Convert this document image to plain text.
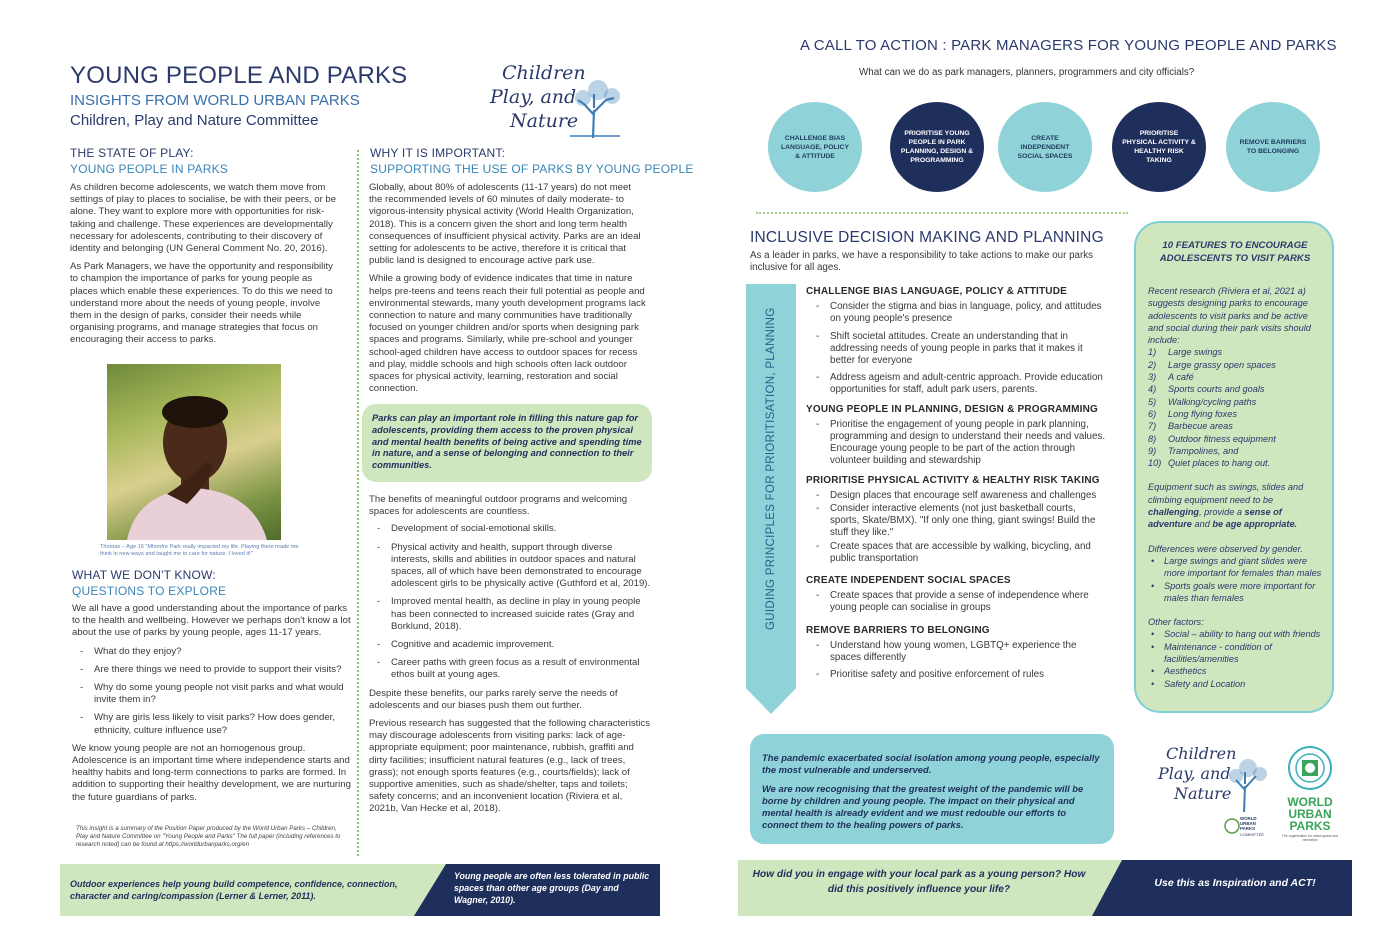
YOUNG PEOPLE AND PARKS
INSIGHTS FROM WORLD URBAN PARKS
Children, Play and Nature Committee
Children
Play, and
Nature
THE STATE OF PLAY:
YOUNG PEOPLE IN PARKS

As children become adolescents, we watch them move from settings of play to places to socialise, be with their peers, or be alone. They want to explore more with opportunities for risk-taking and challenge. These experiences are developmentally necessary for adolescents, contributing to their discovery of identity and belonging (UN General Comment No. 20, 2016).

As Park Managers, we have the opportunity and responsibility to champion the importance of parks for young people as places which enable these experiences. To do this we need to understand more about the needs of young people, involve them in the design of parks, consider their needs while organising programs, and manage strategies that focus on encouraging their access to parks.

Thomas – Age 16 "Mhonfre Park really impacted my life. Playing there made me think in new ways and taught me to care for nature. I loved it!"
WHAT WE DON'T KNOW:
QUESTIONS TO EXPLORE

We all have a good understanding about the importance of parks to the health and wellbeing. However we perhaps don't know a lot about the use of parks by young people, ages 11-17 years.

- What do they enjoy?
- Are there things we need to provide to support their visits?
- Why do some young people not visit parks and what would invite them in?
- Why are girls less likely to visit parks? How does gender, ethnicity, culture influence use?

We know young people are not an homogenous group. Adolescence is an important time where independence starts and healthy habits and long-term connections to parks are formed. In addition to supporting their healthy development, we are nurturing the future guardians of parks.

This insight is a summary of the Position Paper produced by the World Urban Parks – Children, Play and Nature Committee on "Young People and Parks" The full paper (including references to research noted) can be found at https://worldurbanparks.org/en
WHY IT IS IMPORTANT:
SUPPORTING THE USE OF PARKS BY YOUNG PEOPLE

Globally, about 80% of adolescents (11-17 years) do not meet the recommended levels of 60 minutes of daily moderate- to vigorous-intensity physical activity (World Health Organization, 2018). This is a concern given the short and long term health consequences of insufficient physical activity. Parks are an ideal setting for adolescents to be active, therefore it is critical that public land is designed to encourage active park use.

While a growing body of evidence indicates that time in nature helps pre-teens and teens reach their full potential as people and environmental stewards, many youth development programs lack connection to nature and many communities have traditionally focused on younger children and/or sports when designing park spaces and programs. Similarly, while pre-school and younger school-aged children have access to outdoor spaces for recess and play, middle schools and high schools often lack outdoor spaces for physical activity, learning, restoration and social connection.

Parks can play an important role in filling this nature gap for adolescents, providing them access to the proven physical and mental health benefits of being active and spending time in nature, and a sense of belonging and connection to their communities.

The benefits of meaningful outdoor programs and welcoming spaces for adolescents are countless.

- Development of social-emotional skills.
- Physical activity and health, support through diverse interests, skills and abilities in outdoor spaces and natural spaces, all of which have been demonstrated to encourage adolescent girls to be physically active (Guthford et al, 2019).
- Improved mental health, as decline in play in young people has been connected to increased suicide rates (Gray and Borklund, 2018).
- Cognitive and academic improvement.
- Career paths with green focus as a result of environmental ethos built at young ages.

Despite these benefits, our parks rarely serve the needs of adolescents and our biases push them out further.

Previous research has suggested that the following characteristics may discourage adolescents from visiting parks: lack of age-appropriate equipment; poor maintenance, rubbish, graffiti and dirty facilities; insufficient natural features (e.g., lack of trees, grass); not enough sports features (e.g., courts/fields); lack of supportive amenities, such as shade/shelter, taps and toilets; safety concerns; and an inconvenient location (Riviera et al, 2021b, Van Hecke et al, 2018).

Outdoor experiences help young build competence, confidence, connection, character and caring/compassion (Lerner & Lerner, 2011).
Young people are often less tolerated in public spaces than other age groups (Day and Wagner, 2010).
A CALL TO ACTION : PARK MANAGERS FOR YOUNG PEOPLE AND PARKS
What can we do as park managers, planners, programmers and city officials?
CHALLENGE BIAS LANGUAGE, POLICY & ATTITUDE
PRIORITISE YOUNG PEOPLE IN PARK PLANNING, DESIGN & PROGRAMMING
CREATE INDEPENDENT SOCIAL SPACES
PRIORITISE PHYSICAL ACTIVITY & HEALTHY RISK TAKING
REMOVE BARRIERS TO BELONGING
INCLUSIVE DECISION MAKING AND PLANNING
As a leader in parks, we have a responsibility to take actions to make our parks inclusive for all ages.
GUIDING PRINCIPLES FOR PRIORITISATION, PLANNING
CHALLENGE BIAS LANGUAGE, POLICY & ATTITUDE
- Consider the stigma and bias in language, policy, and attitudes on young people's presence
- Shift societal attitudes. Create an understanding that in addressing needs of young people in parks that it makes it better for everyone
- Address ageism and adult-centric approach. Provide education opportunities for staff, adult park users, parents.
YOUNG PEOPLE IN PLANNING, DESIGN & PROGRAMMING
- Prioritise the engagement of young people in park planning, programming and design to understand their needs and values. Encourage young people to be part of the action through volunteer building and stewardship
PRIORITISE PHYSICAL ACTIVITY & HEALTHY RISK TAKING
- Design places that encourage self awareness and challenges
- Consider interactive elements (not just basketball courts, sports, Skate/BMX). "If only one thing, giant swings! Build the stuff they like."
- Create spaces that are accessible by walking, bicycling, and public transportation
CREATE INDEPENDENT SOCIAL SPACES
- Create spaces that provide a sense of independence where young people can socialise in groups
REMOVE BARRIERS TO BELONGING
- Understand how young women, LGBTQ+ experience the spaces differently
- Prioritise safety and positive enforcement of rules
10 FEATURES TO ENCOURAGE ADOLESCENTS TO VISIT PARKS
Recent research (Riviera et al, 2021 a) suggests designing parks to encourage adolescents to visit parks and be active and social during their park visits should include:
1)	Large swings
2)	Large grassy open spaces
3)	A café
4)	Sports courts and goals
5)	Walking/cycling paths
6)	Long flying foxes
7)	Barbecue areas
8)	Outdoor fitness equipment
9)	Trampolines, and
10) Quiet places to hang out.
Equipment such as swings, slides and climbing equipment need to be challenging, provide a sense of adventure and be age appropriate.
Differences were observed by gender.
• Large swings and giant slides were more important for females than males
• Sports goals were more important for males than females
Other factors:
• Social – ability to hang out with friends
• Maintenance - condition of facilities/amenities
• Aesthetics
• Safety and Location
The pandemic exacerbated social isolation among young people, especially the most vulnerable and underserved.
We are now recognising that the greatest weight of the pandemic will be borne by children and young people. The impact on their physical and mental health is already evident and we must redouble our efforts to connect them to the healing powers of parks.
Children
Play, and
Nature
WORLD URBAN PARKS
COMMITTEE
WORLD
URBAN
PARKS
The organisation for urban space and recreation
How did you in engage with your local park as a young person? How did this positively influence your life?
Use this as Inspiration and ACT!
